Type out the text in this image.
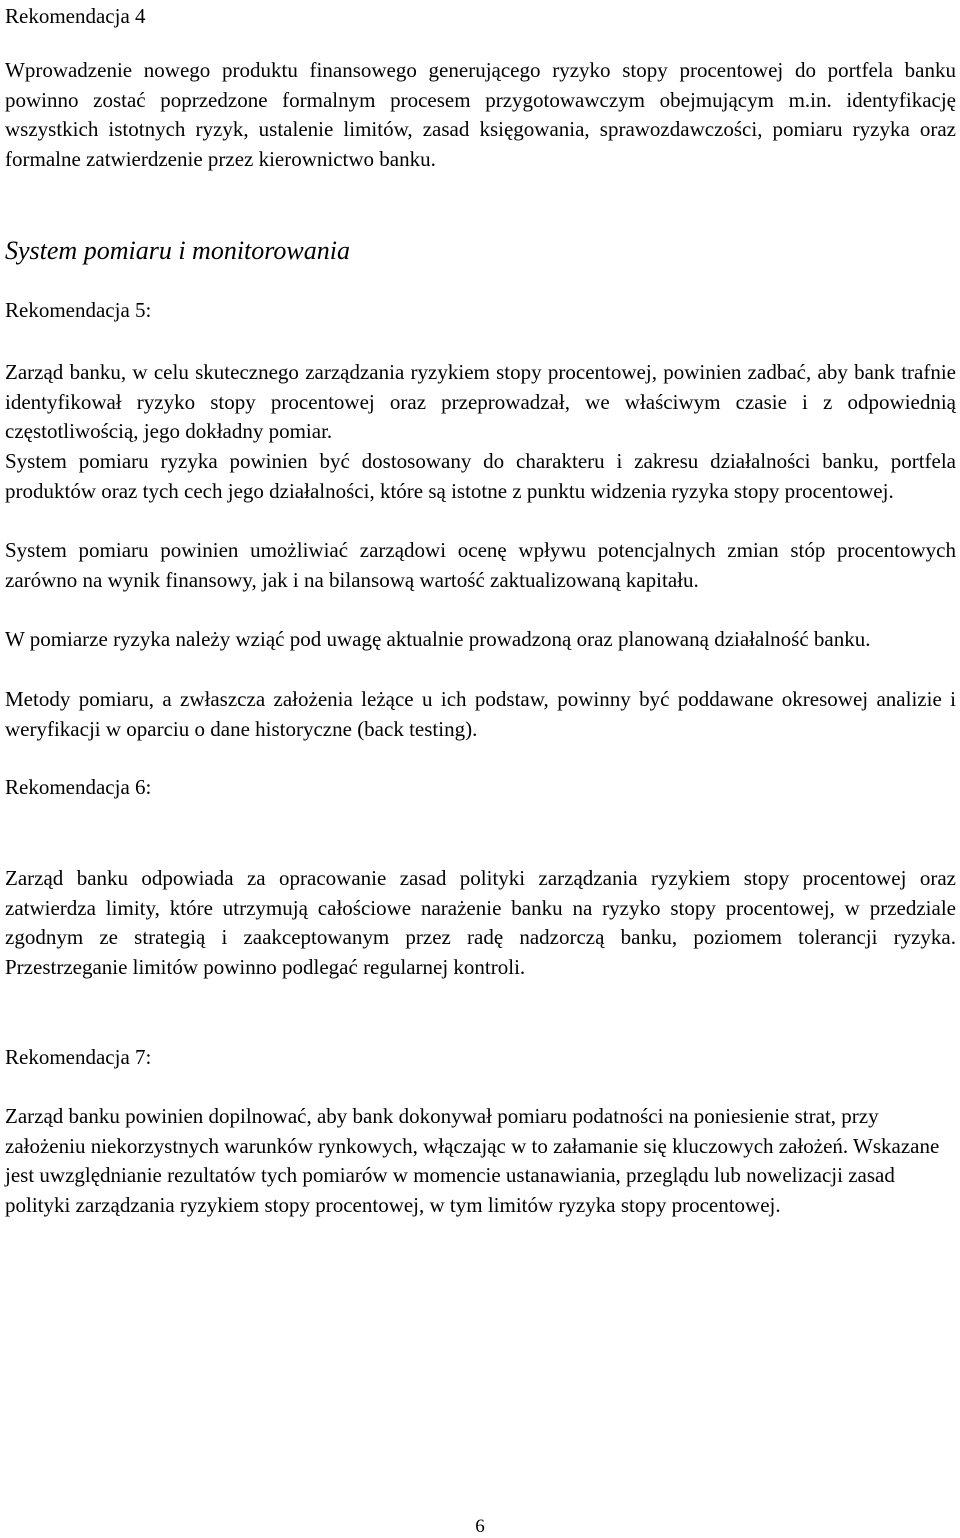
Rekomendacja 4

Wprowadzenie nowego produktu finansowego generującego ryzyko stopy procentowej do portfela banku powinno zostać poprzedzone formalnym procesem przygotowawczym obejmującym m.in. identyfikację wszystkich istotnych ryzyk, ustalenie limitów, zasad księgowania, sprawozdawczości, pomiaru ryzyka oraz formalne zatwierdzenie przez kierownictwo banku.

System pomiaru i monitorowania
Rekomendacja 5:

Zarząd banku, w celu skutecznego zarządzania ryzykiem stopy procentowej, powinien zadbać, aby bank trafnie identyfikował ryzyko stopy procentowej oraz przeprowadzał, we właściwym czasie i z odpowiednią częstotliwością, jego dokładny pomiar.

System pomiaru ryzyka powinien być dostosowany do charakteru i zakresu działalności banku, portfela produktów oraz tych cech jego działalności, które są istotne z punktu widzenia ryzyka stopy procentowej.

System pomiaru powinien umożliwiać zarządowi ocenę wpływu potencjalnych zmian stóp procentowych zarówno na wynik finansowy, jak i na bilansową wartość zaktualizowaną kapitału.

W pomiarze ryzyka należy wziąć pod uwagę aktualnie prowadzoną oraz planowaną działalność banku.

Metody pomiaru, a zwłaszcza założenia leżące u ich podstaw, powinny być poddawane okresowej analizie i weryfikacji w oparciu o dane historyczne (back testing).

Rekomendacja 6:

Zarząd banku odpowiada za opracowanie zasad polityki zarządzania ryzykiem stopy procentowej oraz zatwierdza limity, które utrzymują całościowe narażenie banku na ryzyko stopy procentowej, w przedziale zgodnym ze strategią i zaakceptowanym przez radę nadzorczą banku, poziomem tolerancji ryzyka. Przestrzeganie limitów powinno podlegać regularnej kontroli.

Rekomendacja 7:

Zarząd banku powinien dopilnować, aby bank dokonywał pomiaru podatności na poniesienie strat, przy założeniu niekorzystnych warunków rynkowych, włączając w to załamanie się kluczowych założeń. Wskazane jest uwzględnianie rezultatów tych pomiarów w momencie ustanawiania, przeglądu lub nowelizacji zasad polityki zarządzania ryzykiem stopy procentowej, w tym limitów ryzyka stopy procentowej.

6
